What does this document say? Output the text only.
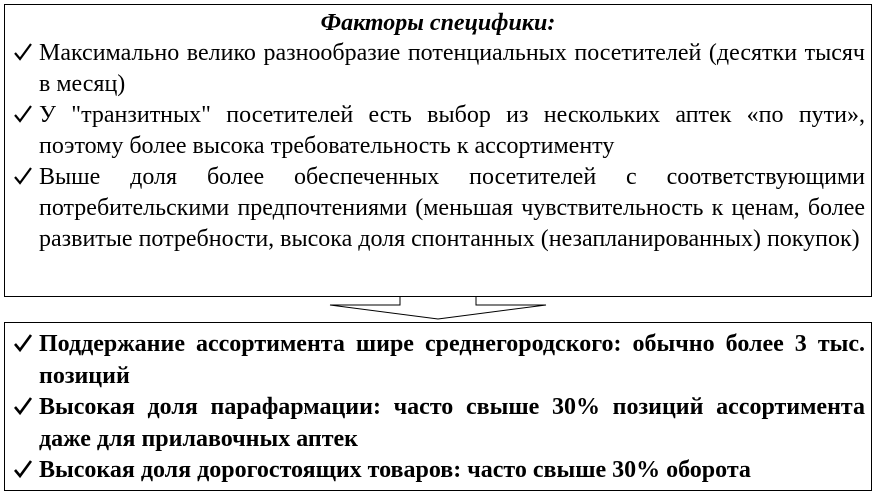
Факторы специфики:
Максимально велико разнообразие потенциальных посетителей (десятки тысяч в месяц)
У "транзитных" посетителей есть выбор из нескольких аптек «по пути», поэтому более высока требовательность к ассортименту
Выше доля более обеспеченных посетителей с соответствующими потребительскими предпочтениями (меньшая чувствительность к ценам, более развитые потребности, высока доля спонтанных (незапланированных) покупок)
Поддержание ассортимента шире среднегородского: обычно более 3 тыс. позиций
Высокая доля парафармации: часто свыше 30% позиций ассортимента даже для прилавочных аптек
Высокая доля дорогостоящих товаров: часто свыше 30% оборота
